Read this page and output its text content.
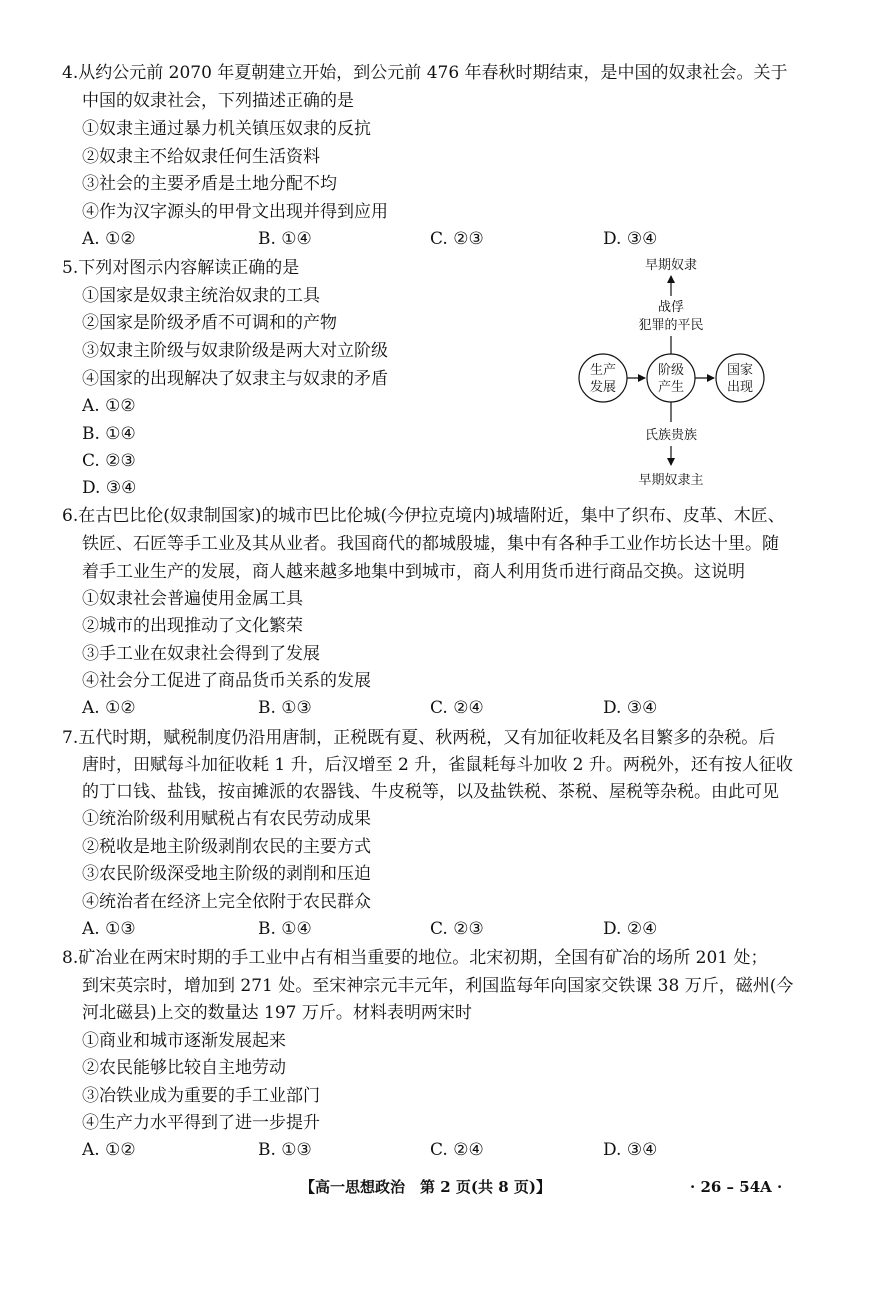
4.从约公元前 2070 年夏朝建立开始，到公元前 476 年春秋时期结束，是中国的奴隶社会。关于
中国的奴隶社会，下列描述正确的是
①奴隶主通过暴力机关镇压奴隶的反抗
②奴隶主不给奴隶任何生活资料
③社会的主要矛盾是土地分配不均
④作为汉字源头的甲骨文出现并得到应用
A. ①②	B. ①④	C. ②③	D. ③④
5.下列对图示内容解读正确的是
①国家是奴隶主统治奴隶的工具
②国家是阶级矛盾不可调和的产物
③奴隶主阶级与奴隶阶级是两大对立阶级
④国家的出现解决了奴隶主与奴隶的矛盾
A. ①②
B. ①④
C. ②③
D. ③④
早期奴隶
战俘
犯罪的平民
生产
发展
阶级
产生
国家
出现
氏族贵族
早期奴隶主
6.在古巴比伦(奴隶制国家)的城市巴比伦城(今伊拉克境内)城墙附近，集中了织布、皮革、木匠、
铁匠、石匠等手工业及其从业者。我国商代的都城殷墟，集中有各种手工业作坊长达十里。随
着手工业生产的发展，商人越来越多地集中到城市，商人利用货币进行商品交换。这说明
①奴隶社会普遍使用金属工具
②城市的出现推动了文化繁荣
③手工业在奴隶社会得到了发展
④社会分工促进了商品货币关系的发展
A. ①②	B. ①③	C. ②④	D. ③④
7.五代时期，赋税制度仍沿用唐制，正税既有夏、秋两税，又有加征收耗及名目繁多的杂税。后
唐时，田赋每斗加征收耗 1 升，后汉增至 2 升，雀鼠耗每斗加收 2 升。两税外，还有按人征收
的丁口钱、盐钱，按亩摊派的农器钱、牛皮税等，以及盐铁税、茶税、屋税等杂税。由此可见
①统治阶级利用赋税占有农民劳动成果
②税收是地主阶级剥削农民的主要方式
③农民阶级深受地主阶级的剥削和压迫
④统治者在经济上完全依附于农民群众
A. ①③	B. ①④	C. ②③	D. ②④
8.矿冶业在两宋时期的手工业中占有相当重要的地位。北宋初期，全国有矿冶的场所 201 处；
到宋英宗时，增加到 271 处。至宋神宗元丰元年，利国监每年向国家交铁课 38 万斤，磁州(今
河北磁县)上交的数量达 197 万斤。材料表明两宋时
①商业和城市逐渐发展起来
②农民能够比较自主地劳动
③冶铁业成为重要的手工业部门
④生产力水平得到了进一步提升
A. ①②	B. ①③	C. ②④	D. ③④
【高一思想政治　第 2 页(共 8 页)】	· 26 – 54A ·
